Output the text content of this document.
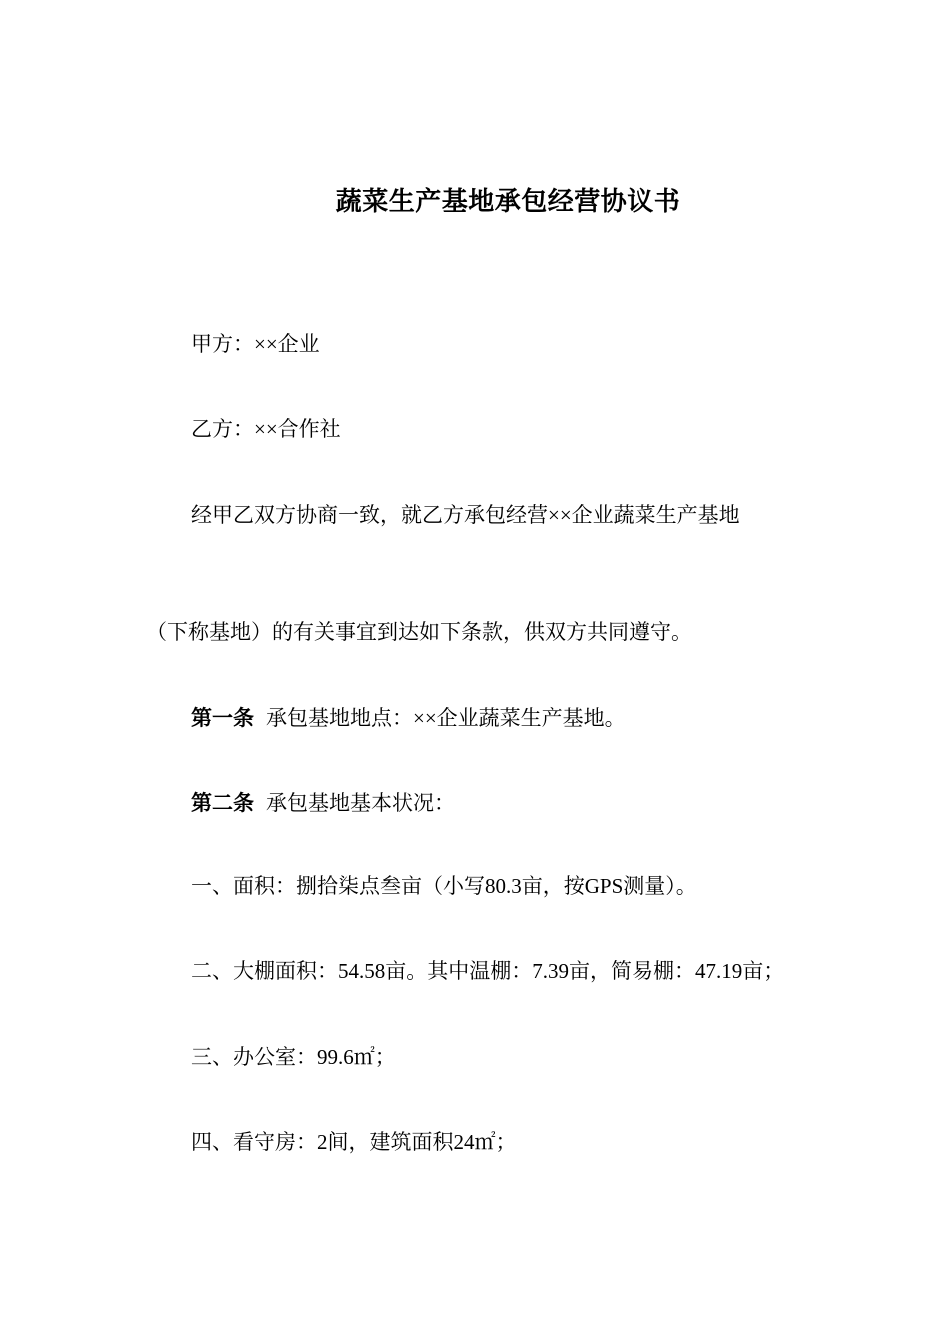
蔬菜生产基地承包经营协议书
甲方：××企业
乙方：××合作社
经甲乙双方协商一致，就乙方承包经营××企业蔬菜生产基地
（下称基地）的有关事宜到达如下条款，供双方共同遵守。
第一条 承包基地地点：××企业蔬菜生产基地。
第二条 承包基地基本状况：
一、面积：捌拾柒点叁亩（小写80.3亩，按GPS测量）。
二、大棚面积：54.58亩。其中温棚：7.39亩，简易棚：47.19亩；
三、办公室：99.6㎡；
四、看守房：2间，建筑面积24㎡；
